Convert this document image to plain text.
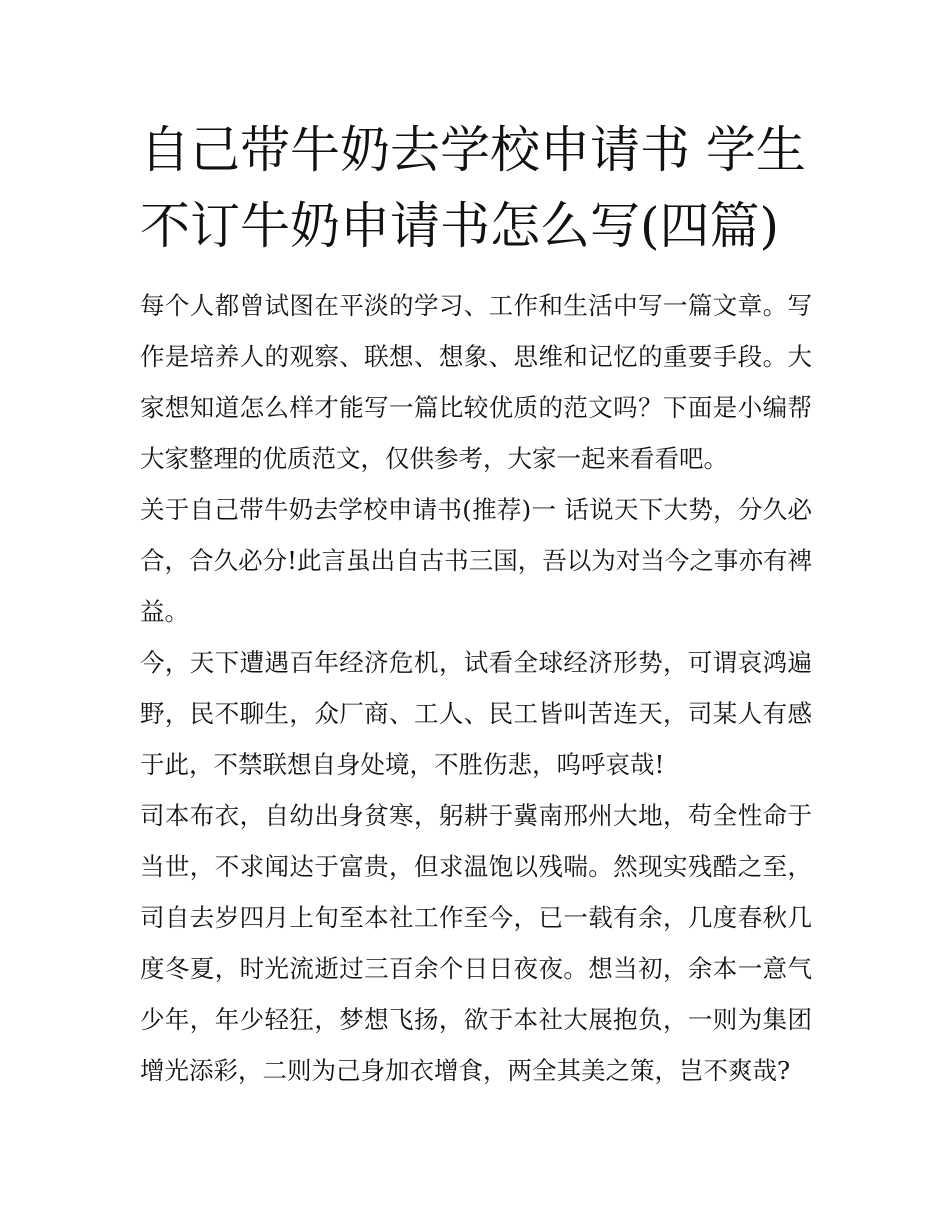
自己带牛奶去学校申请书 学生不订牛奶申请书怎么写(四篇)

每个人都曾试图在平淡的学习、工作和生活中写一篇文章。写作是培养人的观察、联想、想象、思维和记忆的重要手段。大家想知道怎么样才能写一篇比较优质的范文吗？下面是小编帮大家整理的优质范文，仅供参考，大家一起来看看吧。

关于自己带牛奶去学校申请书(推荐)一 话说天下大势，分久必合，合久必分!此言虽出自古书三国，吾以为对当今之事亦有裨益。

今，天下遭遇百年经济危机，试看全球经济形势，可谓哀鸿遍野，民不聊生，众厂商、工人、民工皆叫苦连天，司某人有感于此，不禁联想自身处境，不胜伤悲，呜呼哀哉!

司本布衣，自幼出身贫寒，躬耕于冀南邢州大地，苟全性命于当世，不求闻达于富贵，但求温饱以残喘。然现实残酷之至，司自去岁四月上旬至本社工作至今，已一载有余，几度春秋几度冬夏，时光流逝过三百余个日日夜夜。想当初，余本一意气少年，年少轻狂，梦想飞扬，欲于本社大展抱负，一则为集团增光添彩，二则为己身加衣增食，两全其美之策，岂不爽哉?
